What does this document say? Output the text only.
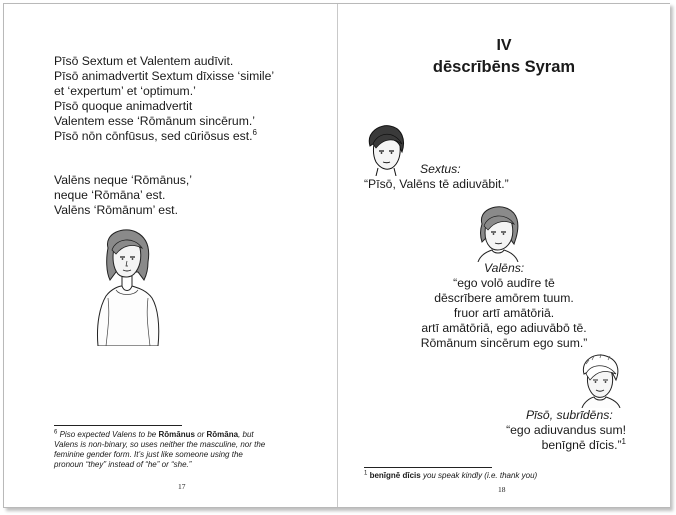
Pīsō Sextum et Valentem audīvit.
Pīsō animadvertit Sextum dīxisse ‘simile’
et ‘expertum’ et ‘optimum.’
Pīsō quoque animadvertit
Valentem esse ‘Rōmānum sincērum.’
Pīsō nōn cōnfūsus, sed cūriōsus est.$^6$
Valēns neque ‘Rōmānus,’
neque ‘Rōmāna’ est.
Valēns ‘Rōmānum’ est.
$^6$ Piso expected Valens to be Rōmānus or Rōmāna, but
Valens is non-binary, so uses neither the masculine, nor the
feminine gender form. It’s just like someone using the
pronoun “they” instead of “he” or “she.”
17
IV
dēscrībēns Syram
Sextus:
“Pīsō, Valēns tē adiuvābit.”
Valēns:
“ego volō audīre tē
dēscrībere amōrem tuum.
fruor artī amātōriā.
artī amātōriā, ego adiuvābō tē.
Rōmānum sincērum ego sum.”
Pīsō, subrīdēns:
“ego adiuvandus sum!
benīgnē dīcis.”$^1$
$^1$ benīgnē dīcis you speak kindly (i.e. thank you)
18
